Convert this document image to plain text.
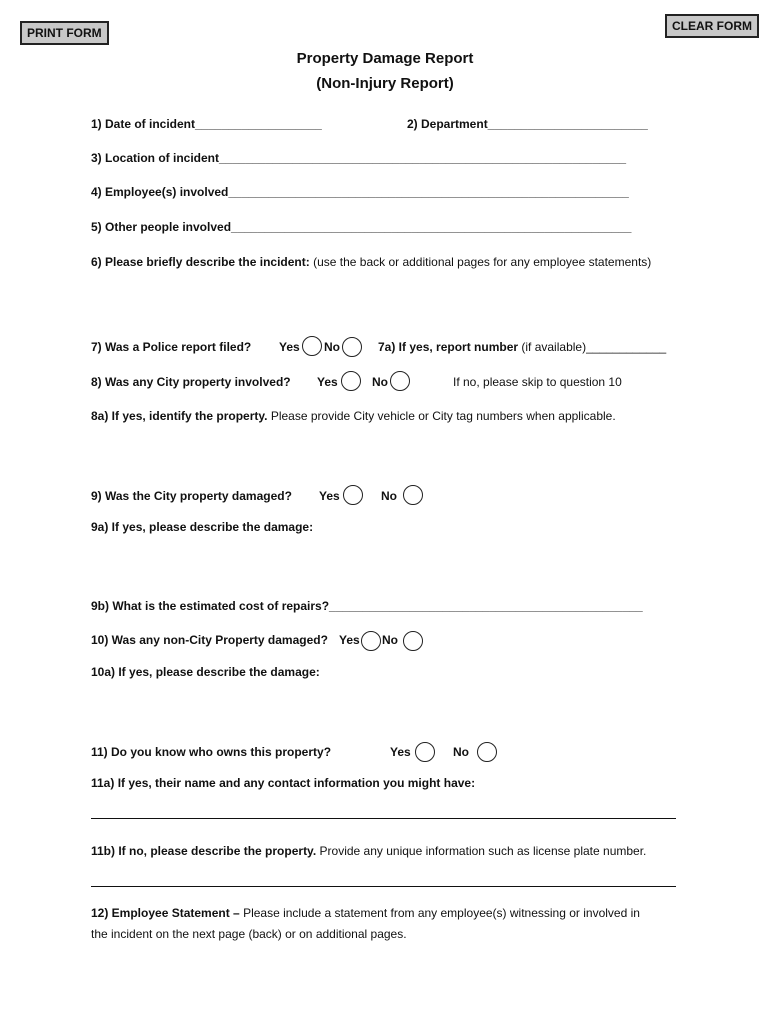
PRINT FORM	CLEAR FORM
Property Damage Report
(Non-Injury Report)
1) Date of incident___________________	2) Department________________________
3) Location of incident_____________________________________________________________
4) Employee(s) involved____________________________________________________________
5) Other people involved____________________________________________________________
6) Please briefly describe the incident: (use the back or additional pages for any employee statements)
7) Was a Police report filed? Yes No	7a) If yes, report number (if available)____________
8) Was any City property involved? Yes	No	If no, please skip to question 10
8a) If yes, identify the property. Please provide City vehicle or City tag numbers when applicable.
9) Was the City property damaged? Yes	No
9a) If yes, please describe the damage:
9b) What is the estimated cost of repairs?_______________________________________________
10) Was any non-City Property damaged? Yes No
10a) If yes, please describe the damage:
11) Do you know who owns this property?	Yes	No
11a) If yes, their name and any contact information you might have:
11b) If no, please describe the property. Provide any unique information such as license plate number.
12) Employee Statement – Please include a statement from any employee(s) witnessing or involved in
the incident on the next page (back) or on additional pages.
